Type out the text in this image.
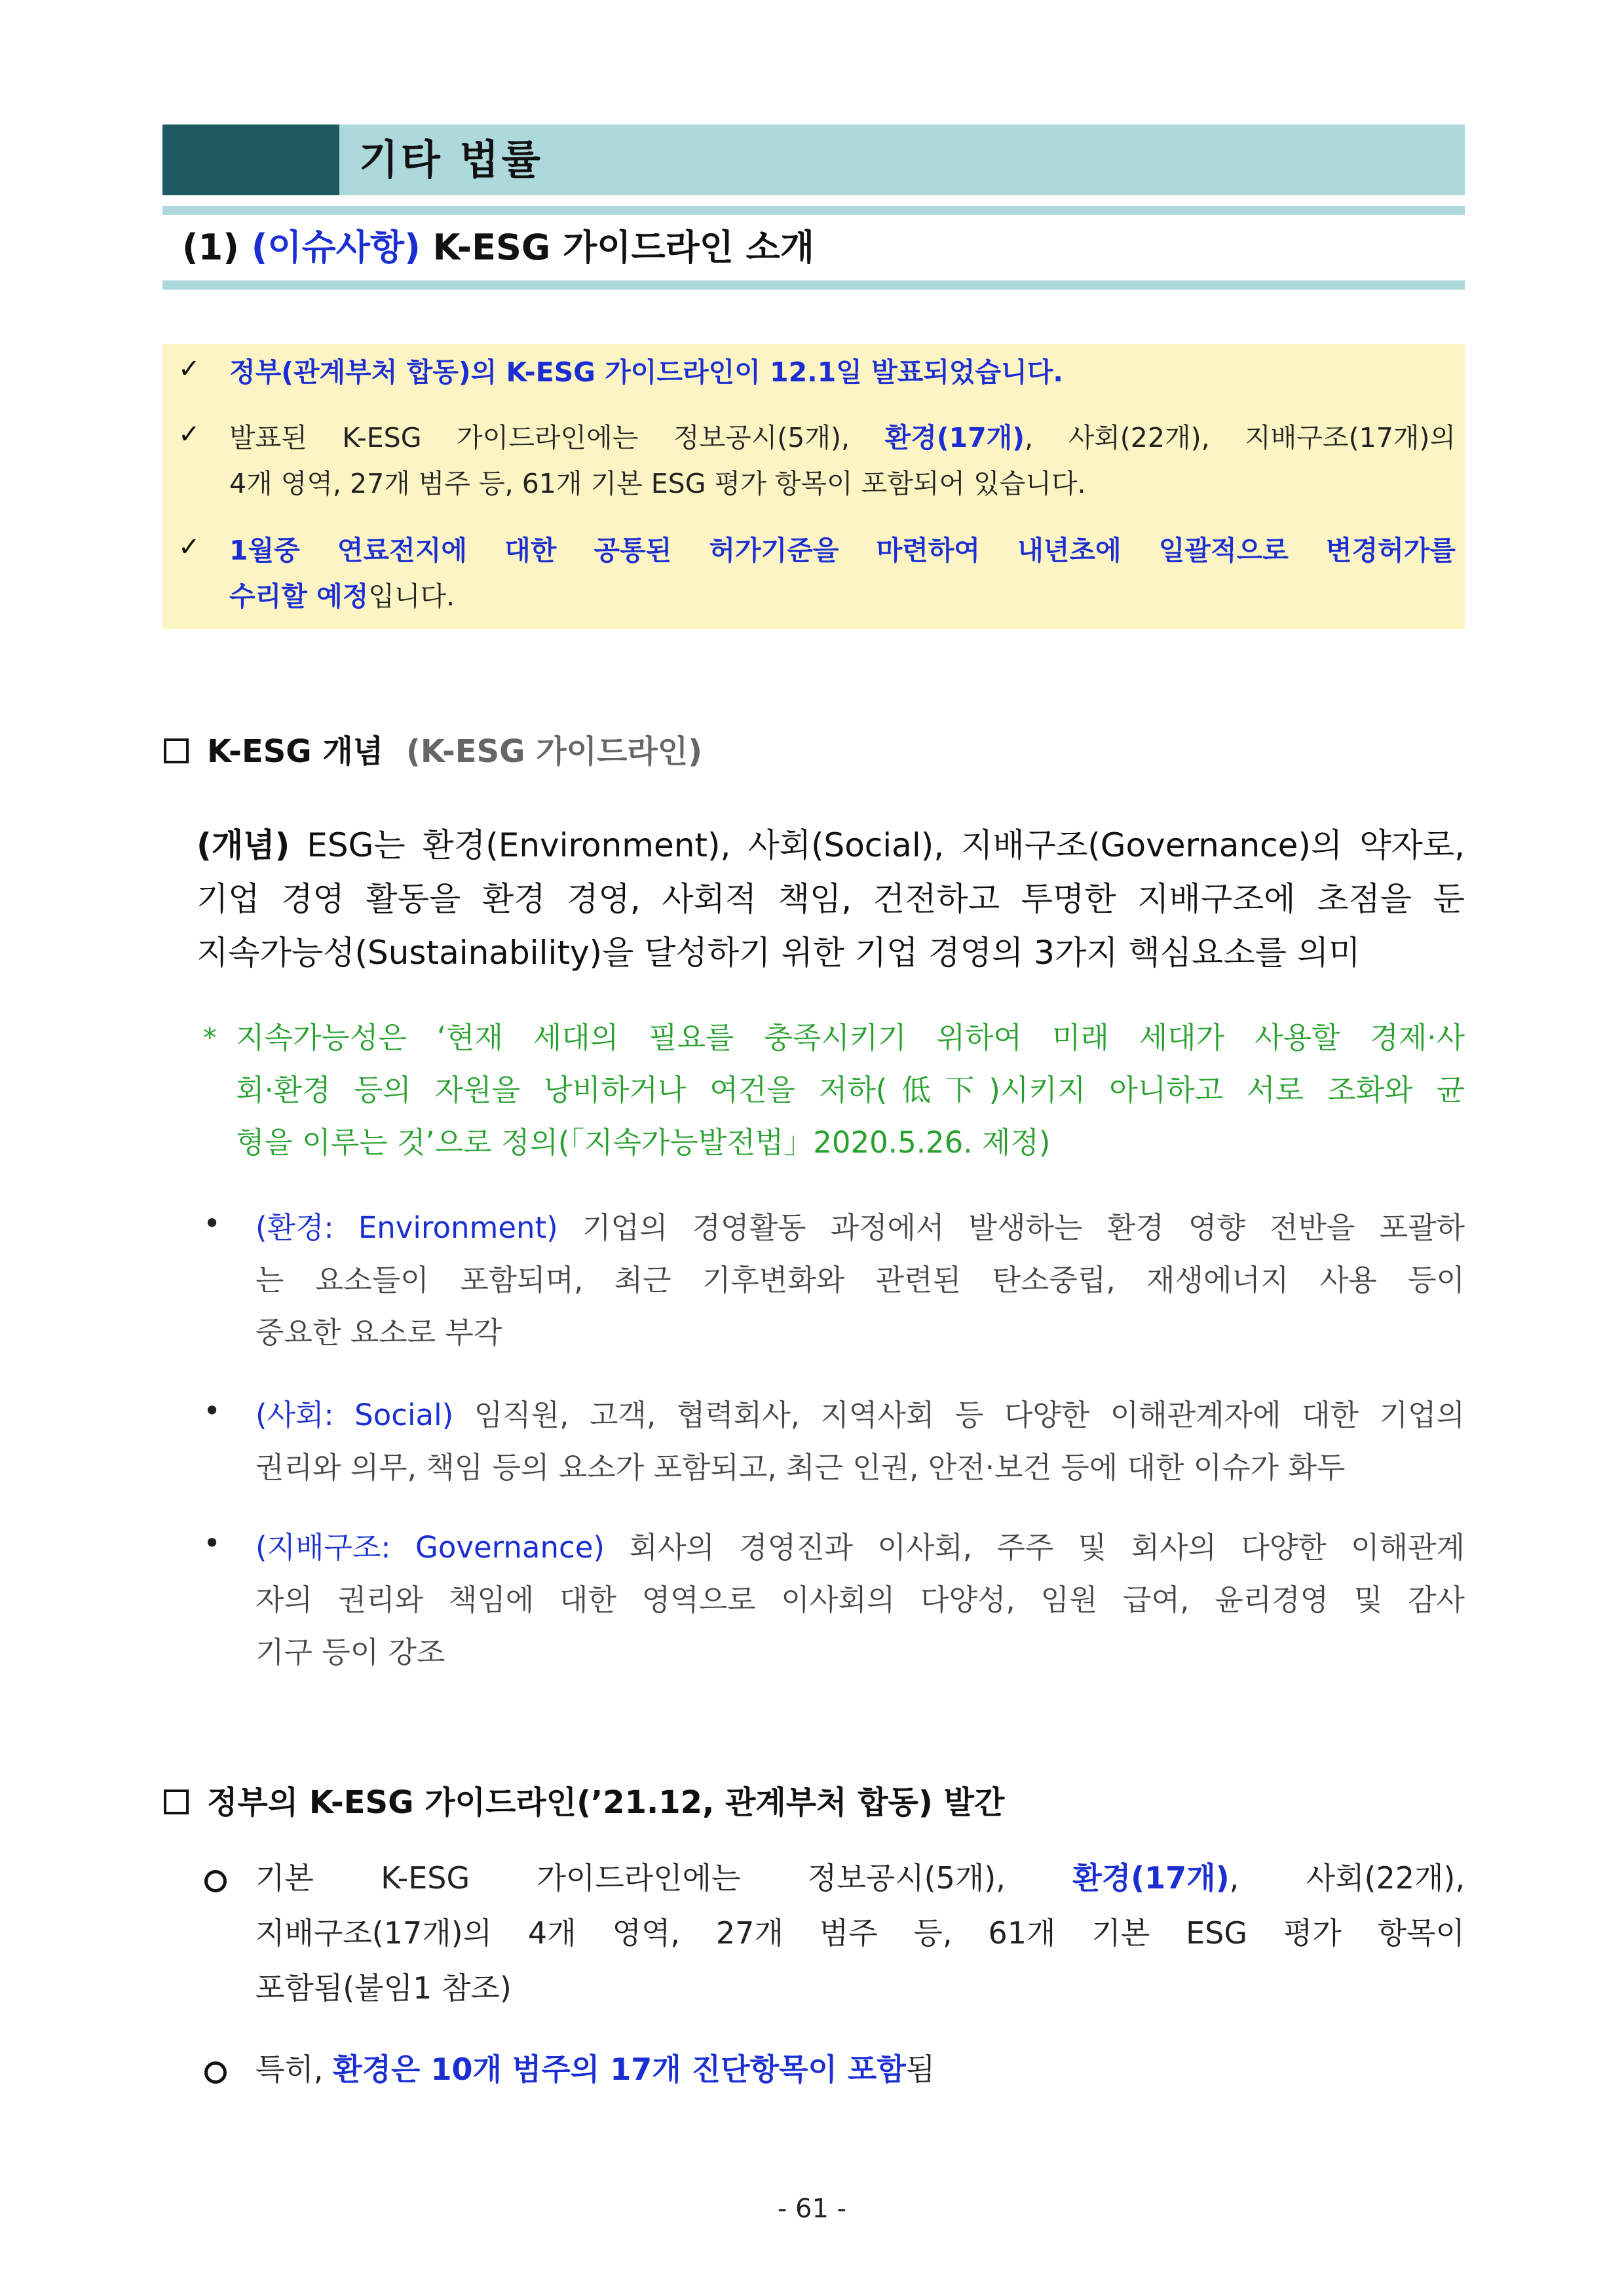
기타 법률
(1) (이슈사항) K-ESG 가이드라인 소개
✓ 정부(관계부처 합동)의 K-ESG 가이드라인이 12.1일 발표되었습니다.
✓ 발표된 K-ESG 가이드라인에는 정보공시(5개), 환경(17개), 사회(22개), 지배구조(17개)의
4개 영역, 27개 범주 등, 61개 기본 ESG 평가 항목이 포함되어 있습니다.
✓ 1월중 연료전지에 대한 공통된 허가기준을 마련하여 내년초에 일괄적으로 변경허가를
수리할 예정입니다.
K-ESG 개념 (K-ESG 가이드라인)
(개념) ESG는 환경(Environment), 사회(Social), 지배구조(Governance)의 약자로,
기업 경영 활동을 환경 경영, 사회적 책임, 건전하고 투명한 지배구조에 초점을 둔
지속가능성(Sustainability)을 달성하기 위한 기업 경영의 3가지 핵심요소를 의미
* 지속가능성은 ‘현재 세대의 필요를 충족시키기 위하여 미래 세대가 사용할 경제·사
회·환경 등의 자원을 낭비하거나 여건을 저하(低下)시키지 아니하고 서로 조화와 균
형을 이루는 것’으로 정의(「지속가능발전법」2020.5.26. 제정)
• (환경: Environment) 기업의 경영활동 과정에서 발생하는 환경 영향 전반을 포괄하
는 요소들이 포함되며, 최근 기후변화와 관련된 탄소중립, 재생에너지 사용 등이
중요한 요소로 부각
• (사회: Social) 임직원, 고객, 협력회사, 지역사회 등 다양한 이해관계자에 대한 기업의
권리와 의무, 책임 등의 요소가 포함되고, 최근 인권, 안전·보건 등에 대한 이슈가 화두
• (지배구조: Governance) 회사의 경영진과 이사회, 주주 및 회사의 다양한 이해관계
자의 권리와 책임에 대한 영역으로 이사회의 다양성, 임원 급여, 윤리경영 및 감사
기구 등이 강조
정부의 K-ESG 가이드라인(’21.12, 관계부처 합동) 발간
기본 K-ESG 가이드라인에는 정보공시(5개), 환경(17개), 사회(22개),
지배구조(17개)의 4개 영역, 27개 범주 등, 61개 기본 ESG 평가 항목이
포함됨(붙임1 참조)
특히, 환경은 10개 범주의 17개 진단항목이 포함됨
- 61 -
